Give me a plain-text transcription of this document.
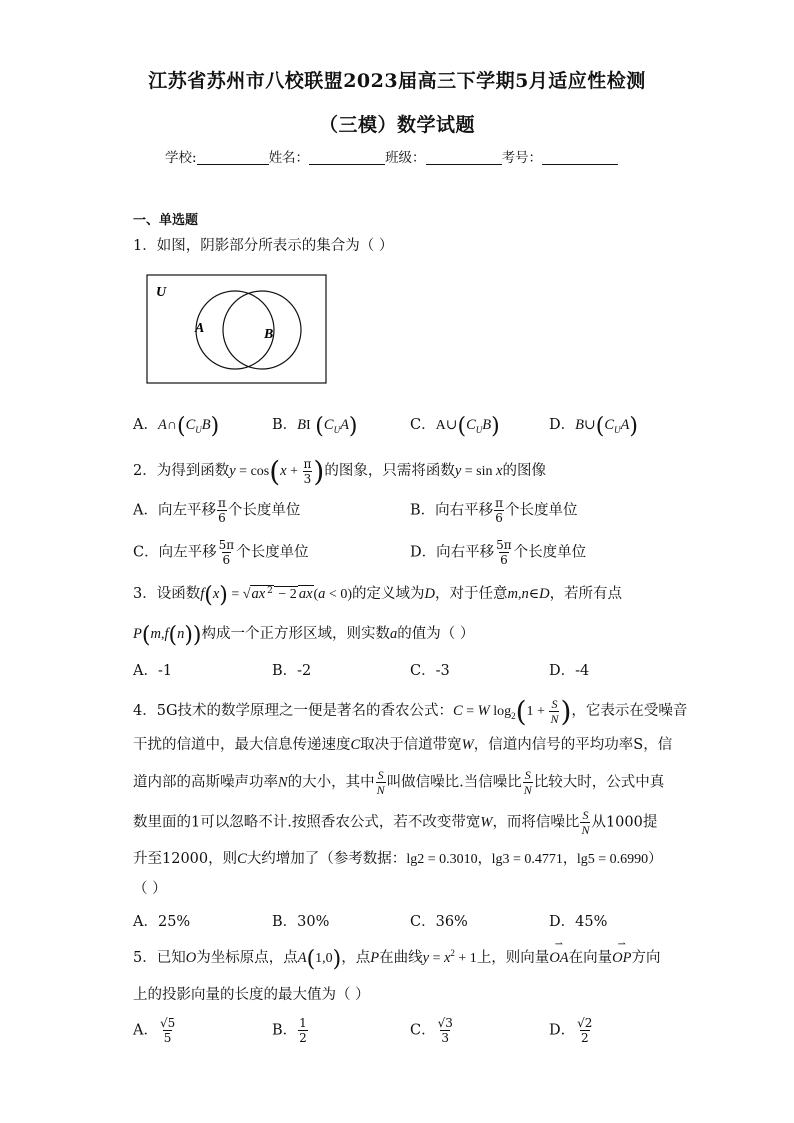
江苏省苏州市八校联盟2023届高三下学期5月适应性检测
（三模）数学试题
学校:	姓名：	班级：	考号：
一、单选题
1．如图，阴影部分所表示的集合为（ ）
U
A	B
A．$A\cap(C_UB)$	B．BI $(C_UA)$	C．$A\cup(C_UB)$	D．$B\cup(C_UA)$
2．为得到函数$y = \cos(x + \frac{\pi}{3}$ )的图象，只需将函数y = sin x的图像
A．向左平移 $\frac{\pi}{6}$ 个长度单位	B．向右平移 $\frac{\pi}{6}$ 个长度单位
C．向左平移 $\frac{5\pi}{6}$ 个长度单位	D．向右平移 $\frac{5\pi}{6}$ 个长度单位
3．设函数f(x) = √ax $^2$ − 2 ax(a < 0)的定义域为D，对于任意m,n∈D，若所有点
P(m,f(n))构成一个正方形区域，则实数a的值为（ ）
A．-1	B．-2	C．-3	D．-4
4．5G技术的数学原理之一便是著名的香农公式：C = W $\log_2(1 + \frac{S}{N}$ )，它表示在受噪音
干扰的信道中，最大信息传递速度C取决于信道带宽W，信道内信号的平均功率S，信
道内部的高斯噪声功率N的大小，其中 $\frac{S}{N}$ 叫做信噪比.当信噪比 $\frac{S}{N}$ 比较大时，公式中真
数里面的1可以忽略不计.按照香农公式，若不改变带宽W，而将信噪比 $\frac{S}{N}$ 从1000提
升至12000，则C大约增加了（参考数据：lg2 = 0.3010，lg3 = 0.4771，lg5 = 0.6990）
（ ）
A．25%	B．30%	C．36%	D．45%
5．已知O为坐标原点，点A(1,0)，点P在曲线$y = x^2 + 1$上，则向量⇀ OA在向量⇀ OP方向
上的投影向量的长度的最大值为（ ）
A． $\frac{√5}{5}$	B． $\frac{1}{2}$	C． $\frac{√3}{3}$	D． $\frac{√2}{2}$
